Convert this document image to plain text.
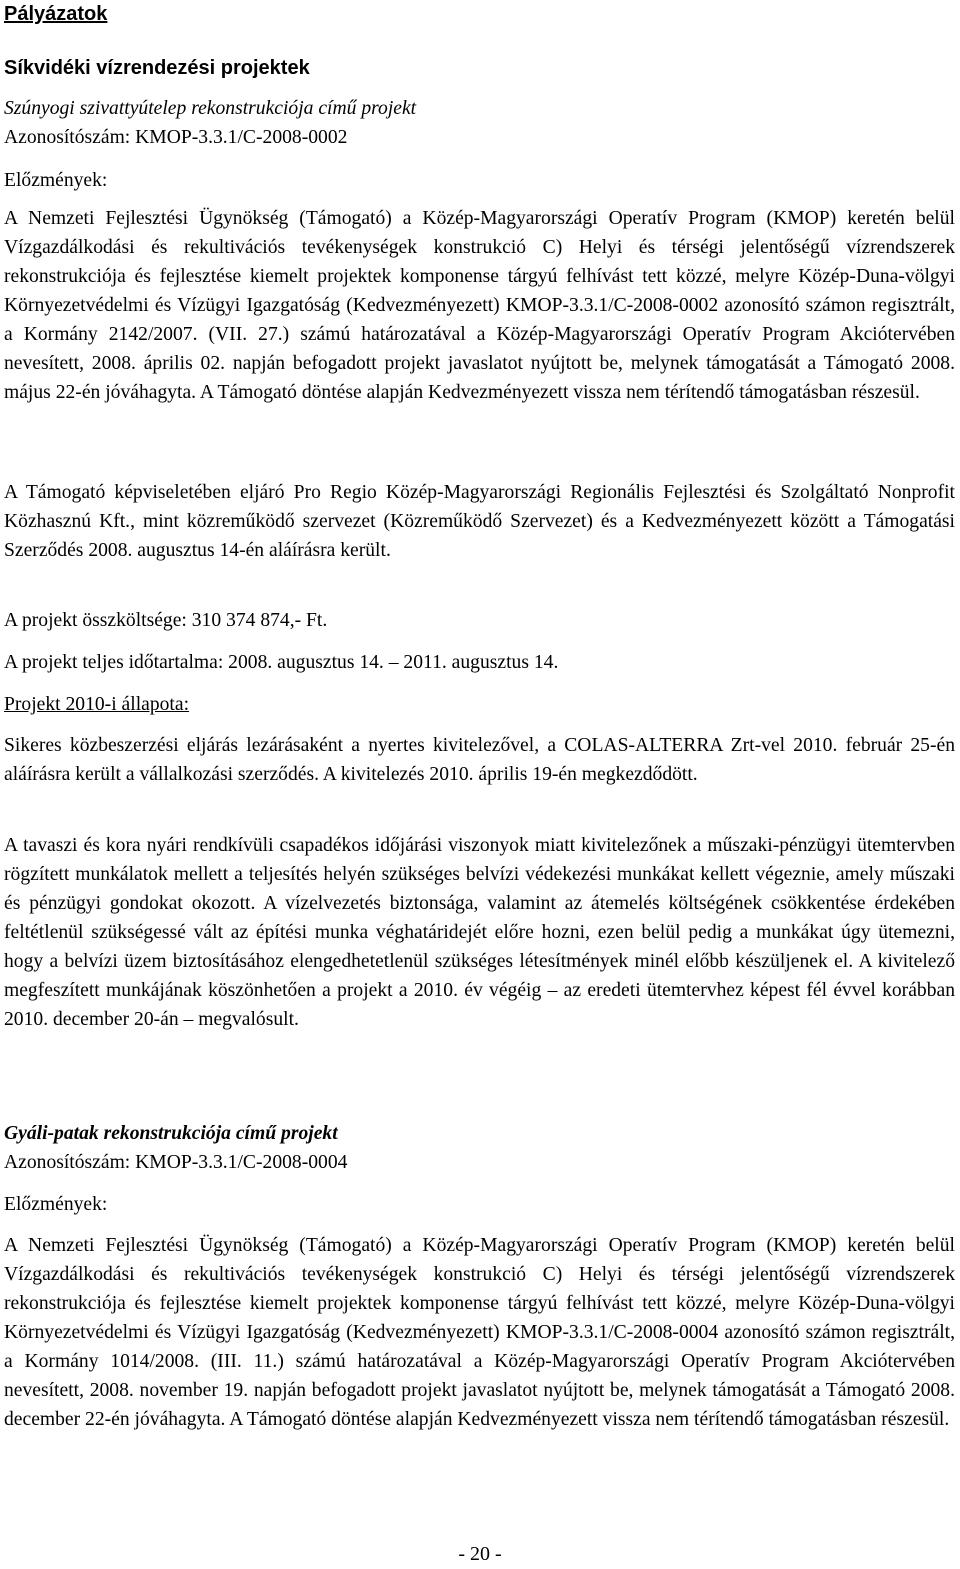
Pályázatok
Síkvidéki vízrendezési projektek
Szúnyogi szivattyútelep rekonstrukciója című projekt
Azonosítószám: KMOP-3.3.1/C-2008-0002

Előzmények:

A Nemzeti Fejlesztési Ügynökség (Támogató) a Közép-Magyarországi Operatív Program (KMOP) keretén belül Vízgazdálkodási és rekultivációs tevékenységek konstrukció C) Helyi és térségi jelentőségű vízrendszerek rekonstrukciója és fejlesztése kiemelt projektek komponense tárgyú felhívást tett közzé, melyre Közép-Duna-völgyi Környezetvédelmi és Vízügyi Igazgatóság (Kedvezményezett) KMOP-3.3.1/C-2008-0002 azonosító számon regisztrált, a Kormány 2142/2007. (VII. 27.) számú határozatával a Közép-Magyarországi Operatív Program Akciótervében nevesített, 2008. április 02. napján befogadott projekt javaslatot nyújtott be, melynek támogatását a Támogató 2008. május 22-én jóváhagyta. A Támogató döntése alapján Kedvezményezett vissza nem térítendő támogatásban részesül.

A Támogató képviseletében eljáró Pro Regio Közép-Magyarországi Regionális Fejlesztési és Szolgáltató Nonprofit Közhasznú Kft., mint közreműködő szervezet (Közreműködő Szervezet) és a Kedvezményezett között a Támogatási Szerződés 2008. augusztus 14-én aláírásra került.

A projekt összköltsége: 310 374 874,- Ft.

A projekt teljes időtartalma: 2008. augusztus 14. – 2011. augusztus 14.

Projekt 2010-i állapota:

Sikeres közbeszerzési eljárás lezárásaként a nyertes kivitelezővel, a COLAS-ALTERRA Zrt-vel 2010. február 25-én aláírásra került a vállalkozási szerződés. A kivitelezés 2010. április 19-én megkezdődött.

A tavaszi és kora nyári rendkívüli csapadékos időjárási viszonyok miatt kivitelezőnek a műszaki-pénzügyi ütemtervben rögzített munkálatok mellett a teljesítés helyén szükséges belvízi védekezési munkákat kellett végeznie, amely műszaki és pénzügyi gondokat okozott. A vízelvezetés biztonsága, valamint az átemelés költségének csökkentése érdekében feltétlenül szükségessé vált az építési munka véghatáridejét előre hozni, ezen belül pedig a munkákat úgy ütemezni, hogy a belvízi üzem biztosításához elengedhetetlenül szükséges létesítmények minél előbb készüljenek el. A kivitelező megfeszített munkájának köszönhetően a projekt a 2010. év végéig – az eredeti ütemtervhez képest fél évvel korábban 2010. december 20-án – megvalósult.

Gyáli-patak rekonstrukciója című projekt
Azonosítószám: KMOP-3.3.1/C-2008-0004

Előzmények:

A Nemzeti Fejlesztési Ügynökség (Támogató) a Közép-Magyarországi Operatív Program (KMOP) keretén belül Vízgazdálkodási és rekultivációs tevékenységek konstrukció C) Helyi és térségi jelentőségű vízrendszerek rekonstrukciója és fejlesztése kiemelt projektek komponense tárgyú felhívást tett közzé, melyre Közép-Duna-völgyi Környezetvédelmi és Vízügyi Igazgatóság (Kedvezményezett) KMOP-3.3.1/C-2008-0004 azonosító számon regisztrált, a Kormány 1014/2008. (III. 11.) számú határozatával a Közép-Magyarországi Operatív Program Akciótervében nevesített, 2008. november 19. napján befogadott projekt javaslatot nyújtott be, melynek támogatását a Támogató 2008. december 22-én jóváhagyta. A Támogató döntése alapján Kedvezményezett vissza nem térítendő támogatásban részesül.

- 20 -
